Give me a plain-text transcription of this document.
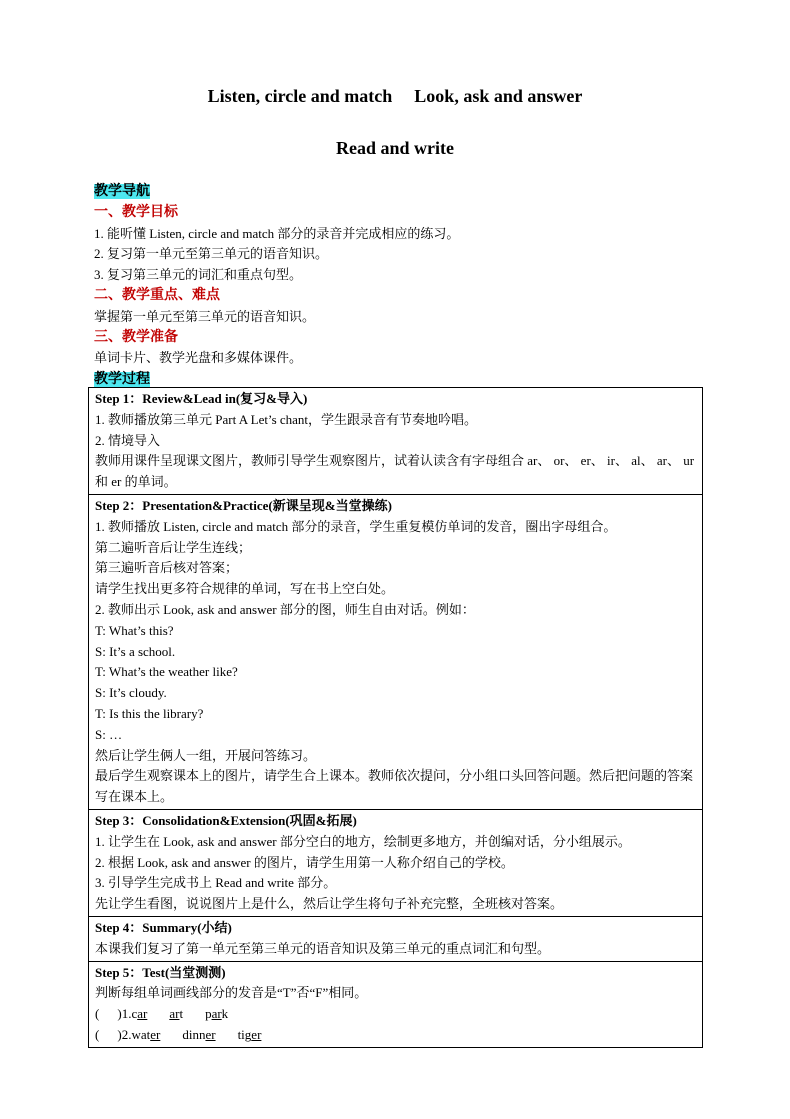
Listen, circle and match Look, ask and answer
Read and write
教学导航
一、教学目标
1. 能听懂 Listen, circle and match 部分的录音并完成相应的练习。
2. 复习第一单元至第三单元的语音知识。
3. 复习第三单元的词汇和重点句型。
二、教学重点、难点
掌握第一单元至第三单元的语音知识。
三、教学准备
单词卡片、教学光盘和多媒体课件。
教学过程
Step 1：Review&Lead in(复习&导入)
1. 教师播放第三单元 Part A Let’s chant，学生跟录音有节奏地吟唱。
2. 情境导入
教师用课件呈现课文图片，教师引导学生观察图片，试着认读含有字母组合 ar、 or、 er、 ir、 al、 ar、 ur 和 er 的单词。

Step 2：Presentation&Practice(新课呈现&当堂操练)
1. 教师播放 Listen, circle and match 部分的录音，学生重复模仿单词的发音，圈出字母组合。
第二遍听音后让学生连线；
第三遍听音后核对答案；
请学生找出更多符合规律的单词，写在书上空白处。
2. 教师出示 Look, ask and answer 部分的图，师生自由对话。例如：
T: What’s this?
S: It’s a school.
T: What’s the weather like?
S: It’s cloudy.
T: Is this the library?
S: …
然后让学生俩人一组，开展问答练习。
最后学生观察课本上的图片，请学生合上课本。教师依次提问，分小组口头回答问题。然后把问题的答案写在课本上。

Step 3：Consolidation&Extension(巩固&拓展)
1. 让学生在 Look, ask and answer 部分空白的地方，绘制更多地方，并创编对话，分小组展示。
2. 根据 Look, ask and answer 的图片，请学生用第一人称介绍自己的学校。
3. 引导学生完成书上 Read and write 部分。
先让学生看图，说说图片上是什么，然后让学生将句子补充完整，全班核对答案。

Step 4：Summary(小结)
本课我们复习了第一单元至第三单元的语音知识及第三单元的重点词汇和句型。

Step 5：Test(当堂测测)
判断每组单词画线部分的发音是“T”否“F”相同。
( )1.car art park
( )2.water dinner tiger
